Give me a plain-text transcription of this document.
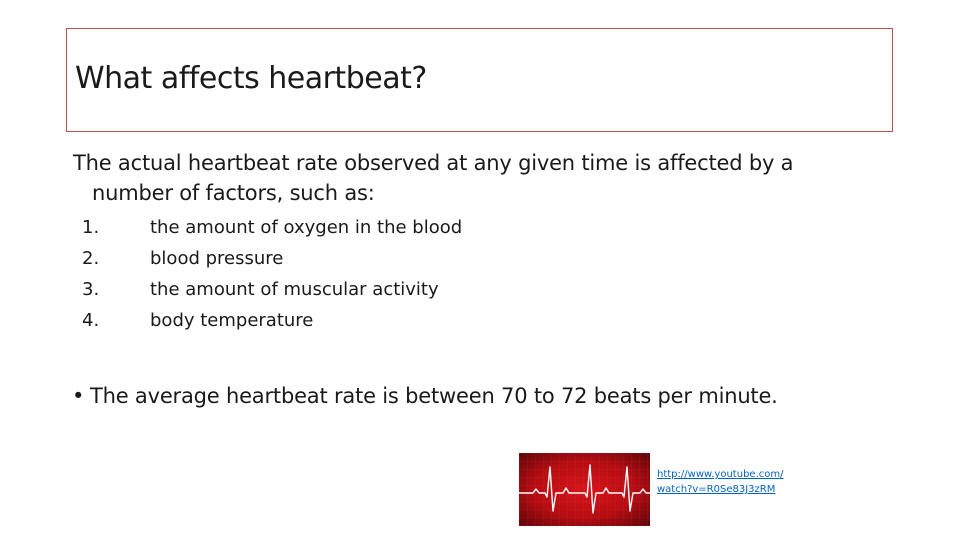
What affects heartbeat?
The actual heartbeat rate observed at any given time is affected by a
number of factors, such as:
1.	the amount of oxygen in the blood
2.	blood pressure
3.	the amount of muscular activity
4.	body temperature
• The average heartbeat rate is between 70 to 72 beats per minute.
http://www.youtube.com/
watch?v=R0Se83J3zRM
